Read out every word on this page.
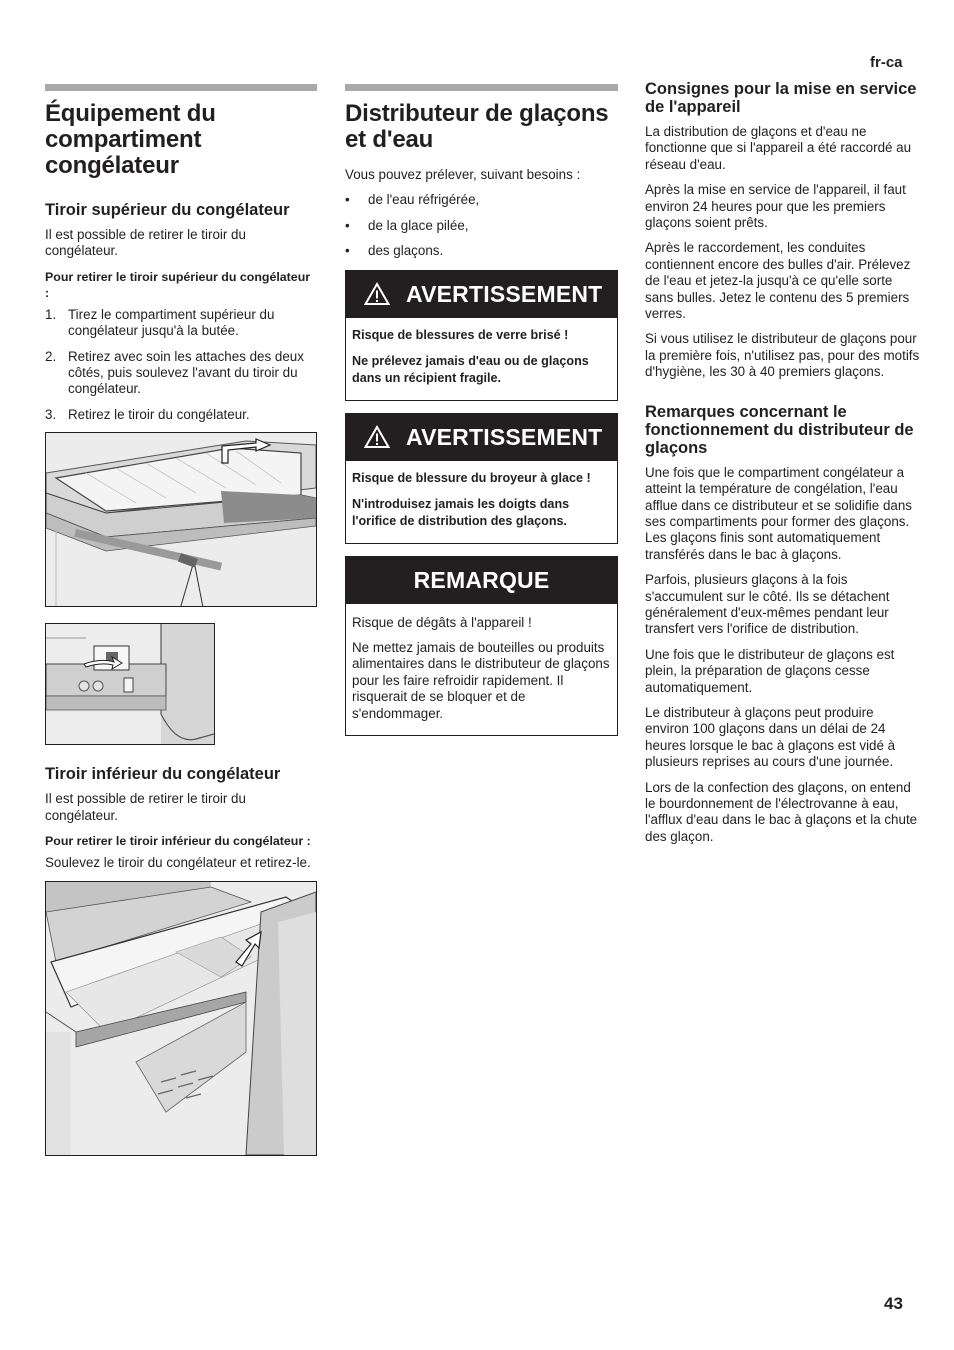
fr-ca
43
Équipement du compartiment congélateur
Tiroir supérieur du congélateur

Il est possible de retirer le tiroir du congélateur.

Pour retirer le tiroir supérieur du congélateur :

1. Tirez le compartiment supérieur du congélateur jusqu'à la butée.
2. Retirez avec soin les attaches des deux côtés, puis soulevez l'avant du tiroir du congélateur.
3. Retirez le tiroir du congélateur.
Tiroir inférieur du congélateur

Il est possible de retirer le tiroir du congélateur.

Pour retirer le tiroir inférieur du congélateur :

Soulevez le tiroir du congélateur et retirez-le.

Distributeur de glaçons et d'eau

Vous pouvez prélever, suivant besoins :

• de l'eau réfrigérée,
• de la glace pilée,
• des glaçons.
AVERTISSEMENT

Risque de blessures de verre brisé !

Ne prélevez jamais d'eau ou de glaçons dans un récipient fragile.

AVERTISSEMENT

Risque de blessure du broyeur à glace !

N'introduisez jamais les doigts dans l'orifice de distribution des glaçons.

REMARQUE

Risque de dégâts à l'appareil !

Ne mettez jamais de bouteilles ou produits alimentaires dans le distributeur de glaçons pour les faire refroidir rapidement. Il risquerait de se bloquer et de s'endommager.

Consignes pour la mise en service de l'appareil

La distribution de glaçons et d'eau ne fonctionne que si l'appareil a été raccordé au réseau d'eau.

Après la mise en service de l'appareil, il faut environ 24 heures pour que les premiers glaçons soient prêts.

Après le raccordement, les conduites contiennent encore des bulles d'air. Prélevez de l'eau et jetez-la jusqu'à ce qu'elle sorte sans bulles. Jetez le contenu des 5 premiers verres.

Si vous utilisez le distributeur de glaçons pour la première fois, n'utilisez pas, pour des motifs d'hygiène, les 30 à 40 premiers glaçons.

Remarques concernant le fonctionnement du distributeur de glaçons

Une fois que le compartiment congélateur a atteint la température de congélation, l'eau afflue dans ce distributeur et se solidifie dans ses compartiments pour former des glaçons. Les glaçons finis sont automatiquement transférés dans le bac à glaçons.

Parfois, plusieurs glaçons à la fois s'accumulent sur le côté. Ils se détachent généralement d'eux-mêmes pendant leur transfert vers l'orifice de distribution.

Une fois que le distributeur de glaçons est plein, la préparation de glaçons cesse automatiquement.

Le distributeur à glaçons peut produire environ 100 glaçons dans un délai de 24 heures lorsque le bac à glaçons est vidé à plusieurs reprises au cours d'une journée.

Lors de la confection des glaçons, on entend le bourdonnement de l'électrovanne à eau, l'afflux d'eau dans le bac à glaçons et la chute des glaçon.
